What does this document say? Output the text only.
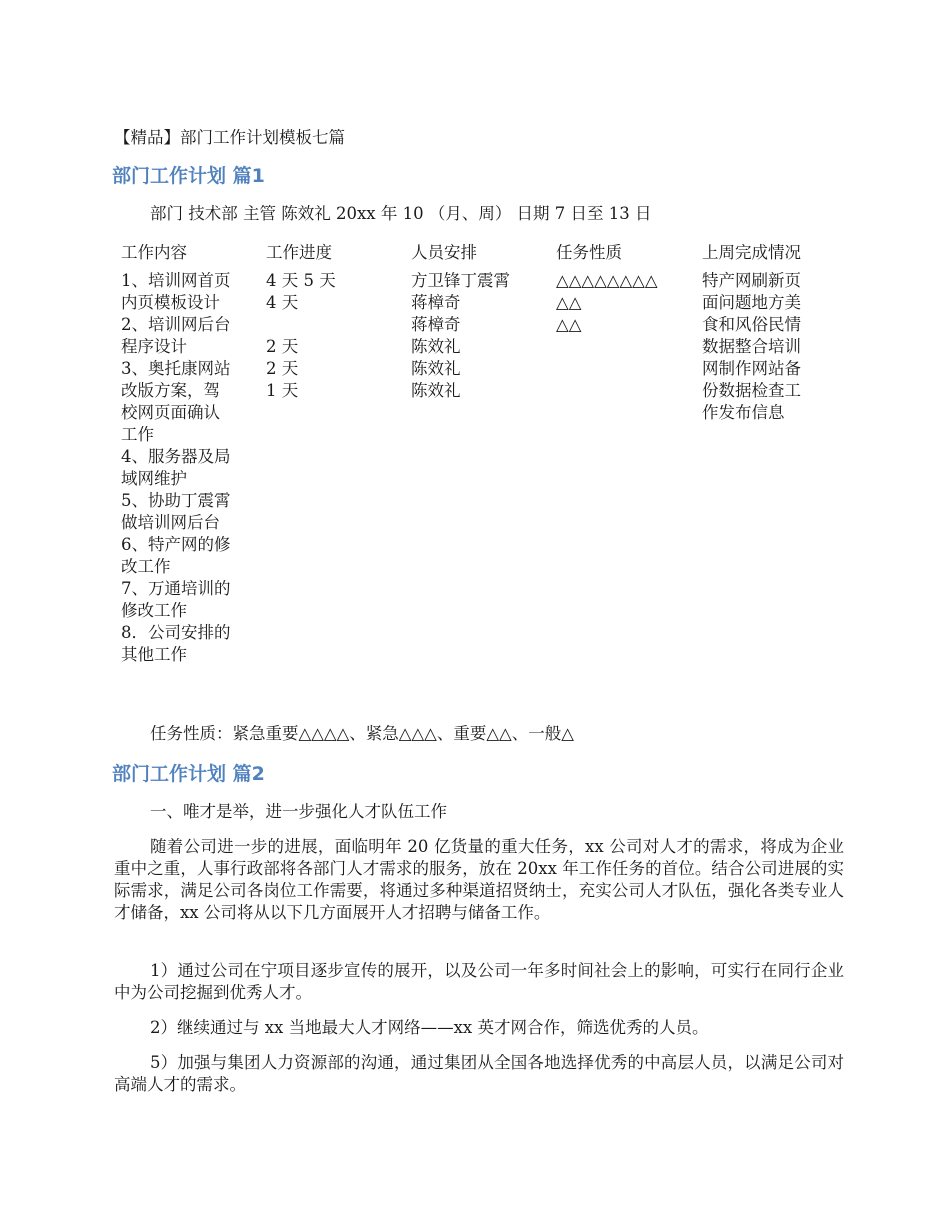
【精品】部门工作计划模板七篇
部门工作计划 篇1
部门 技术部 主管 陈效礼 20xx 年 10 （月、周） 日期 7 日至 13 日
工作内容
1、培训网首页
内页模板设计
2、培训网后台
程序设计
3、奥托康网站
改版方案，驾
校网页面确认
工作
4、服务器及局
域网维护
5、协助丁震霄
做培训网后台
6、特产网的修
改工作
7、万通培训的
修改工作
8．公司安排的
其他工作
工作进度
4 天 5 天
4 天
2 天
2 天
1 天
人员安排
方卫锋丁震霄
蒋樟奇
蒋樟奇
陈效礼
陈效礼
陈效礼
任务性质
△△△△△△△△
△△
△△
上周完成情况
特产网刷新页
面问题地方美
食和风俗民情
数据整合培训
网制作网站备
份数据检查工
作发布信息
任务性质：紧急重要△△△△、紧急△△△、重要△△、一般△
部门工作计划 篇2
一、唯才是举，进一步强化人才队伍工作
随着公司进一步的进展，面临明年 20 亿货量的重大任务，xx 公司对人才的需求，将成为企业重中之重，人事行政部将各部门人才需求的服务，放在 20xx 年工作任务的首位。结合公司进展的实际需求，满足公司各岗位工作需要，将通过多种渠道招贤纳士，充实公司人才队伍，强化各类专业人才储备，xx 公司将从以下几方面展开人才招聘与储备工作。
1）通过公司在宁项目逐步宣传的展开，以及公司一年多时间社会上的影响，可实行在同行企业中为公司挖掘到优秀人才。
2）继续通过与 xx 当地最大人才网络——xx 英才网合作，筛选优秀的人员。
5）加强与集团人力资源部的沟通，通过集团从全国各地选择优秀的中高层人员，以满足公司对高端人才的需求。
